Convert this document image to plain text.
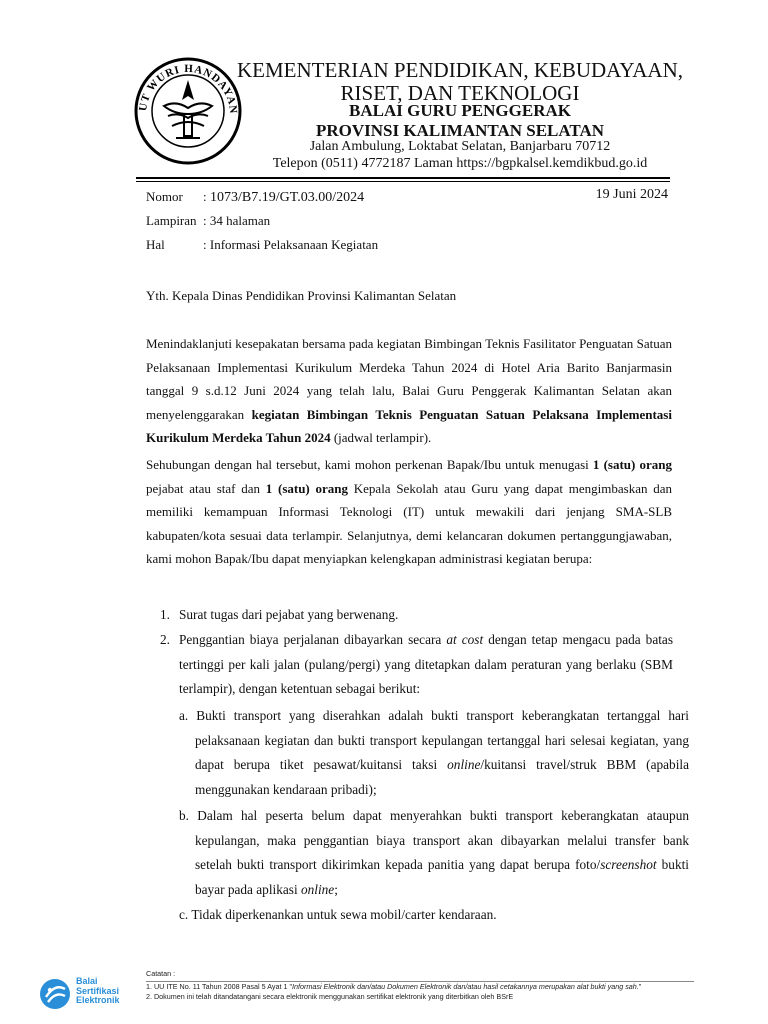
UT WURI HANDAYAN
KEMENTERIAN PENDIDIKAN, KEBUDAYAAN,
RISET, DAN TEKNOLOGI
BALAI GURU PENGGERAK
PROVINSI KALIMANTAN SELATAN
Jalan Ambulung, Loktabat Selatan, Banjarbaru 70712
Telepon (0511) 4772187 Laman https://bgpkalsel.kemdikbud.go.id
Nomor : 1073/B7.19/GT.03.00/2024	19 Juni 2024
Lampiran : 34 halaman
Hal	: Informasi Pelaksanaan Kegiatan
Yth. Kepala Dinas Pendidikan Provinsi Kalimantan Selatan
Menindaklanjuti kesepakatan bersama pada kegiatan Bimbingan Teknis Fasilitator Penguatan Satuan Pelaksanaan Implementasi Kurikulum Merdeka Tahun 2024 di Hotel Aria Barito Banjarmasin tanggal 9 s.d.12 Juni 2024 yang telah lalu, Balai Guru Penggerak Kalimantan Selatan akan menyelenggarakan kegiatan Bimbingan Teknis Penguatan Satuan Pelaksana Implementasi Kurikulum Merdeka Tahun 2024 (jadwal terlampir).
Sehubungan dengan hal tersebut, kami mohon perkenan Bapak/Ibu untuk menugasi 1 (satu) orang pejabat atau staf dan 1 (satu) orang Kepala Sekolah atau Guru yang dapat mengimbaskan dan memiliki kemampuan Informasi Teknologi (IT) untuk mewakili dari jenjang SMA-SLB kabupaten/kota sesuai data terlampir. Selanjutnya, demi kelancaran dokumen pertanggungjawaban, kami mohon Bapak/Ibu dapat menyiapkan kelengkapan administrasi kegiatan berupa:
1. Surat tugas dari pejabat yang berwenang.
2. Penggantian biaya perjalanan dibayarkan secara at cost dengan tetap mengacu pada batas tertinggi per kali jalan (pulang/pergi) yang ditetapkan dalam peraturan yang berlaku (SBM terlampir), dengan ketentuan sebagai berikut:
a. Bukti transport yang diserahkan adalah bukti transport keberangkatan tertanggal hari pelaksanaan kegiatan dan bukti transport kepulangan tertanggal hari selesai kegiatan, yang dapat berupa tiket pesawat/kuitansi taksi online/kuitansi travel/struk BBM (apabila menggunakan kendaraan pribadi);
b. Dalam hal peserta belum dapat menyerahkan bukti transport keberangkatan ataupun kepulangan, maka penggantian biaya transport akan dibayarkan melalui transfer bank setelah bukti transport dikirimkan kepada panitia yang dapat berupa foto/screenshot bukti bayar pada aplikasi online;
c. Tidak diperkenankan untuk sewa mobil/carter kendaraan.
Balai
Sertifikasi
Elektronik
Catatan :
1. UU ITE No. 11 Tahun 2008 Pasal 5 Ayat 1 "Informasi Elektronik dan/atau Dokumen Elektronik dan/atau hasil cetakannya merupakan alat bukti yang sah."
2. Dokumen ini telah ditandatangani secara elektronik menggunakan sertifikat elektronik yang diterbitkan oleh BSrE
